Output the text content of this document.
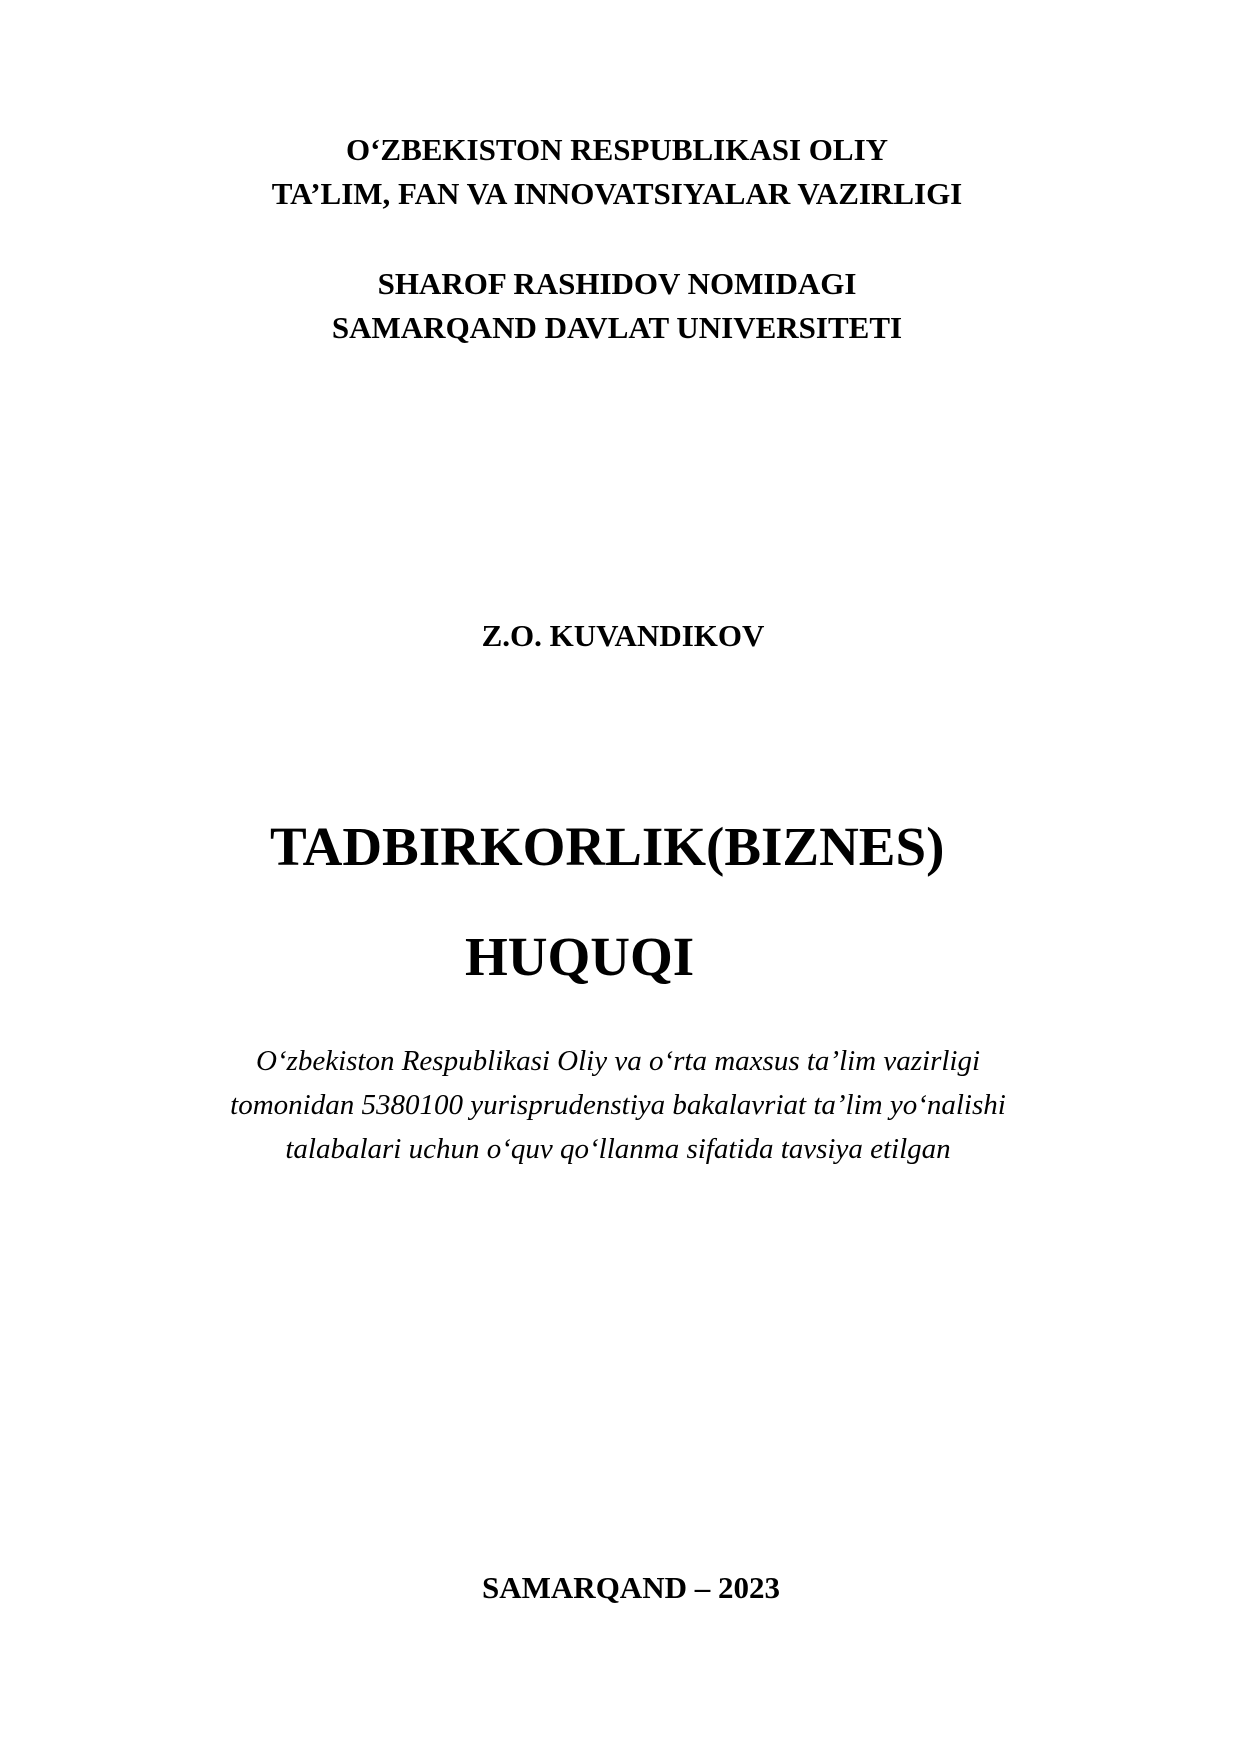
O‘ZBEKISTON RESPUBLIKASI OLIY
TA’LIM, FAN VA INNOVATSIYALAR VAZIRLIGI
SHAROF RASHIDOV NOMIDAGI
SAMARQAND DAVLAT UNIVERSITETI
Z.O. KUVANDIKOV
TADBIRKORLIK(BIZNES)
HUQUQI
O‘zbekiston Respublikasi Oliy va o‘rta maxsus ta’lim vazirligi
tomonidan 5380100 yurisprudenstiya bakalavriat ta’lim yo‘nalishi
talabalari uchun o‘quv qo‘llanma sifatida tavsiya etilgan
SAMARQAND – 2023
